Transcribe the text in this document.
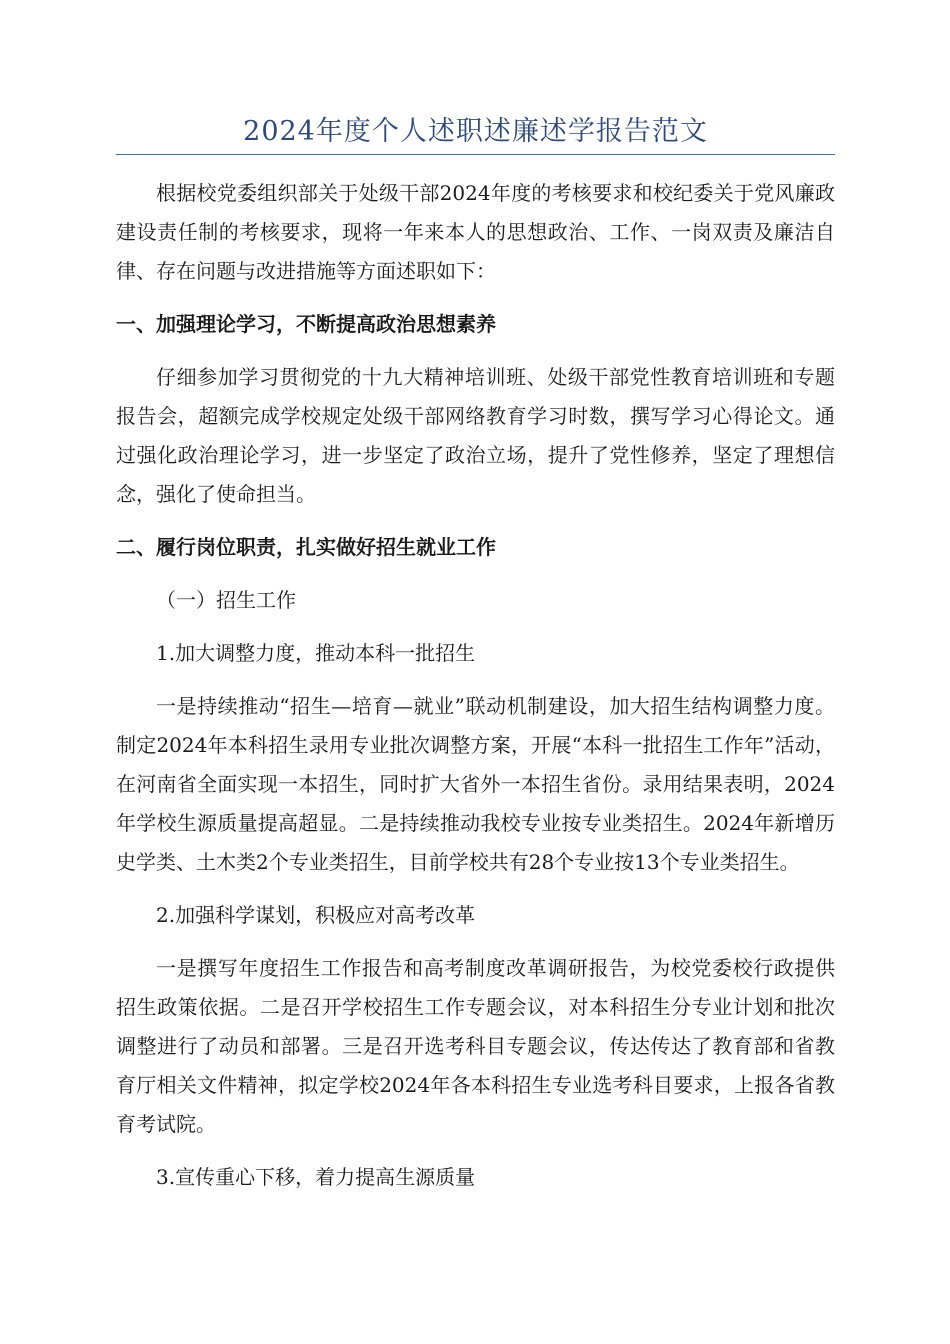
2024年度个人述职述廉述学报告范文

根据校党委组织部关于处级干部2024年度的考核要求和校纪委关于党风廉政建设责任制的考核要求，现将一年来本人的思想政治、工作、一岗双责及廉洁自律、存在问题与改进措施等方面述职如下：

一、加强理论学习，不断提高政治思想素养

仔细参加学习贯彻党的十九大精神培训班、处级干部党性教育培训班和专题报告会，超额完成学校规定处级干部网络教育学习时数，撰写学习心得论文。通过强化政治理论学习，进一步坚定了政治立场，提升了党性修养，坚定了理想信念，强化了使命担当。

二、履行岗位职责，扎实做好招生就业工作
（一）招生工作
1.加大调整力度，推动本科一批招生

一是持续推动“招生—培育—就业”联动机制建设，加大招生结构调整力度。制定2024年本科招生录用专业批次调整方案，开展“本科一批招生工作年”活动，在河南省全面实现一本招生，同时扩大省外一本招生省份。录用结果表明，2024年学校生源质量提高超显。二是持续推动我校专业按专业类招生。2024年新增历史学类、土木类2个专业类招生，目前学校共有28个专业按13个专业类招生。

2.加强科学谋划，积极应对高考改革

一是撰写年度招生工作报告和高考制度改革调研报告，为校党委校行政提供招生政策依据。二是召开学校招生工作专题会议，对本科招生分专业计划和批次调整进行了动员和部署。三是召开选考科目专题会议，传达传达了教育部和省教育厅相关文件精神，拟定学校2024年各本科招生专业选考科目要求，上报各省教育考试院。

3.宣传重心下移，着力提高生源质量
